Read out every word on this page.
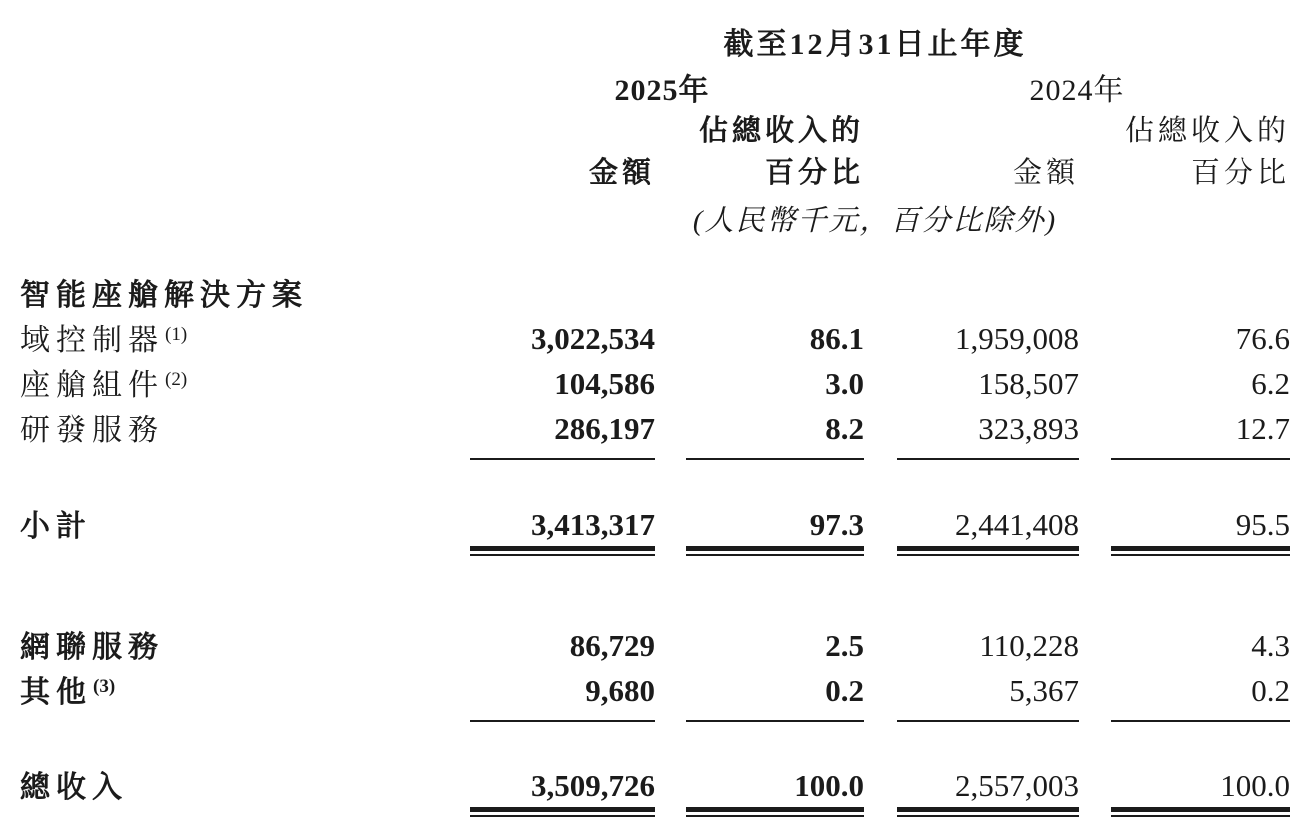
截至12月31日止年度
2025年	2024年
佔總收入的	佔總收入的
金額	百分比	金額	百分比
(人民幣千元，百分比除外)
智能座艙解決方案
域控制器 (1)	3,022,534	86.1	1,959,008	76.6
座艙組件 (2)	104,586	3.0	158,507	6.2
研發服務	286,197	8.2	323,893	12.7
小計	3,413,317	97.3	2,441,408	95.5
網聯服務	86,729	2.5	110,228	4.3
其他 (3)	9,680	0.2	5,367	0.2
總收入	3,509,726	100.0	2,557,003	100.0
